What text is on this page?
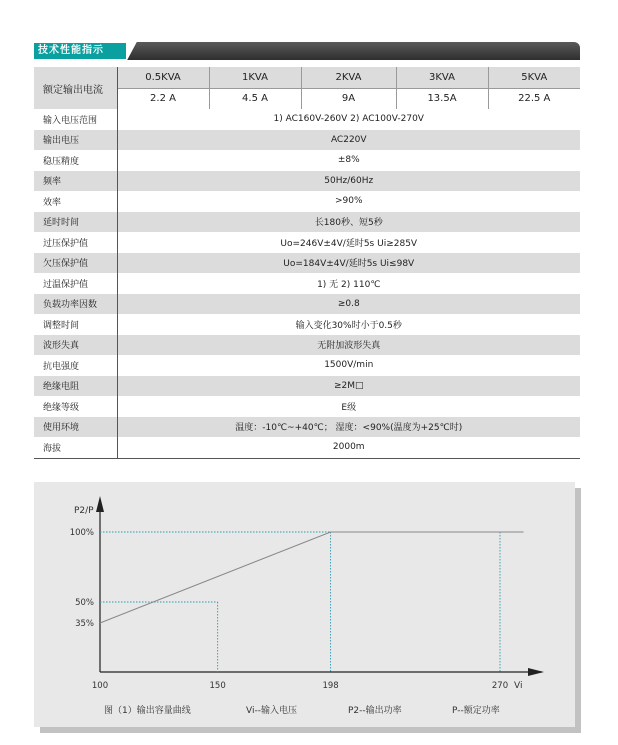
技术性能指示
额定输出电流	0.5KVA	1KVA	2KVA	3KVA	5KVA
	2.2 A	4.5 A	9A	13.5A	22.5 A
输入电压范围	1) AC160V-260V 2) AC100V-270V				
输出电压	AC220V				
稳压精度	±8%				
频率	50Hz/60Hz				
效率	>90%				
延时时间	长180秒、短5秒				
过压保护值	Uo=246V±4V/延时5s Ui≥285V				
欠压保护值	Uo=184V±4V/延时5s Ui≤98V				
过温保护值	1) 无 2) 110℃				
负载功率因数	≥0.8				
调整时间	输入变化30%时小于0.5秒				
波形失真	无附加波形失真				
抗电强度	1500V/min				
绝缘电阻	≥2M□				
绝缘等级	E级				
使用环境	温度：-10℃~+40℃； 湿度：<90%(温度为+25℃时)				
海拔	2000m				
P2/P
Vi
100%
50%
35%
100	150	198	270
图（1）输出容量曲线	Vi--输入电压	P2--输出功率	P--额定功率
